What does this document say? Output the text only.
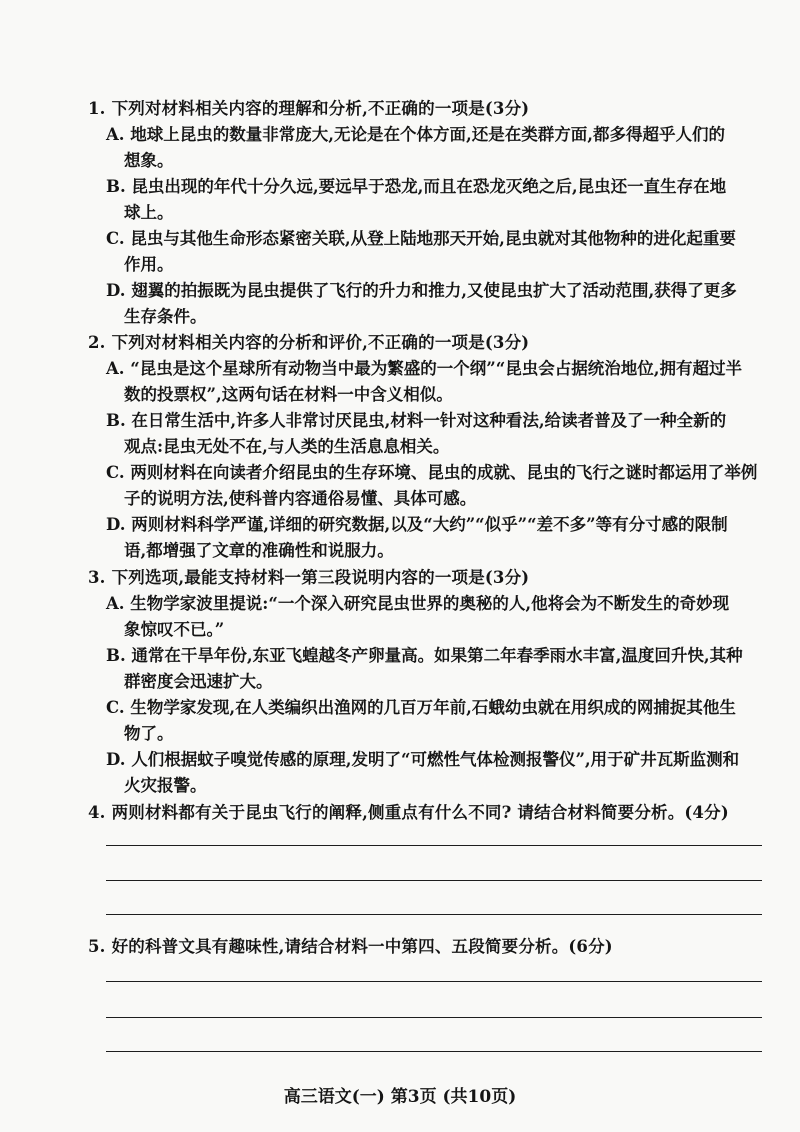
1. 下列对材料相关内容的理解和分析,不正确的一项是(3分)
A. 地球上昆虫的数量非常庞大,无论是在个体方面,还是在类群方面,都多得超乎人们的
想象。
B. 昆虫出现的年代十分久远,要远早于恐龙,而且在恐龙灭绝之后,昆虫还一直生存在地
球上。
C. 昆虫与其他生命形态紧密关联,从登上陆地那天开始,昆虫就对其他物种的进化起重要
作用。
D. 翅翼的拍振既为昆虫提供了飞行的升力和推力,又使昆虫扩大了活动范围,获得了更多
生存条件。
2. 下列对材料相关内容的分析和评价,不正确的一项是(3分)
A. “昆虫是这个星球所有动物当中最为繁盛的一个纲”“昆虫会占据统治地位,拥有超过半
数的投票权”,这两句话在材料一中含义相似。
B. 在日常生活中,许多人非常讨厌昆虫,材料一针对这种看法,给读者普及了一种全新的
观点:昆虫无处不在,与人类的生活息息相关。
C. 两则材料在向读者介绍昆虫的生存环境、昆虫的成就、昆虫的飞行之谜时都运用了举例
子的说明方法,使科普内容通俗易懂、具体可感。
D. 两则材料科学严谨,详细的研究数据,以及“大约”“似乎”“差不多”等有分寸感的限制
语,都增强了文章的准确性和说服力。
3. 下列选项,最能支持材料一第三段说明内容的一项是(3分)
A. 生物学家波里提说:“一个深入研究昆虫世界的奥秘的人,他将会为不断发生的奇妙现
象惊叹不已。”
B. 通常在干旱年份,东亚飞蝗越冬产卵量高。如果第二年春季雨水丰富,温度回升快,其种
群密度会迅速扩大。
C. 生物学家发现,在人类编织出渔网的几百万年前,石蛾幼虫就在用织成的网捕捉其他生
物了。
D. 人们根据蚊子嗅觉传感的原理,发明了“可燃性气体检测报警仪”,用于矿井瓦斯监测和
火灾报警。
4. 两则材料都有关于昆虫飞行的阐释,侧重点有什么不同? 请结合材料简要分析。(4分)
5. 好的科普文具有趣味性,请结合材料一中第四、五段简要分析。(6分)
高三语文(一) 第3页 (共10页)
